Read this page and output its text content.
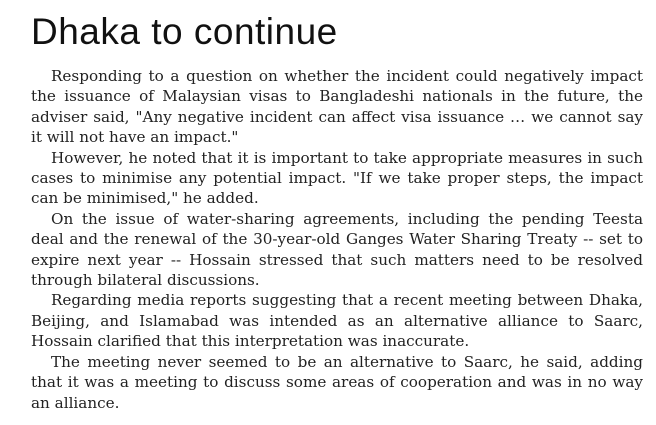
Dhaka to continue

Responding to a question on whether the incident could negatively impact the issuance of Malaysian visas to Bangladeshi nationals in the future, the adviser said, "Any negative incident can affect visa issuance … we cannot say it will not have an impact."

However, he noted that it is important to take appropriate measures in such cases to minimise any potential impact. "If we take proper steps, the impact can be minimised," he added.

On the issue of water-sharing agreements, including the pending Teesta deal and the renewal of the 30-year-old Ganges Water Sharing Treaty -- set to expire next year -- Hossain stressed that such matters need to be resolved through bilateral discussions.

Regarding media reports suggesting that a recent meeting between Dhaka, Beijing, and Islamabad was intended as an alternative alliance to Saarc, Hossain clarified that this interpretation was inaccurate.

The meeting never seemed to be an alternative to Saarc, he said, adding that it was a meeting to discuss some areas of cooperation and was in no way an alliance.
